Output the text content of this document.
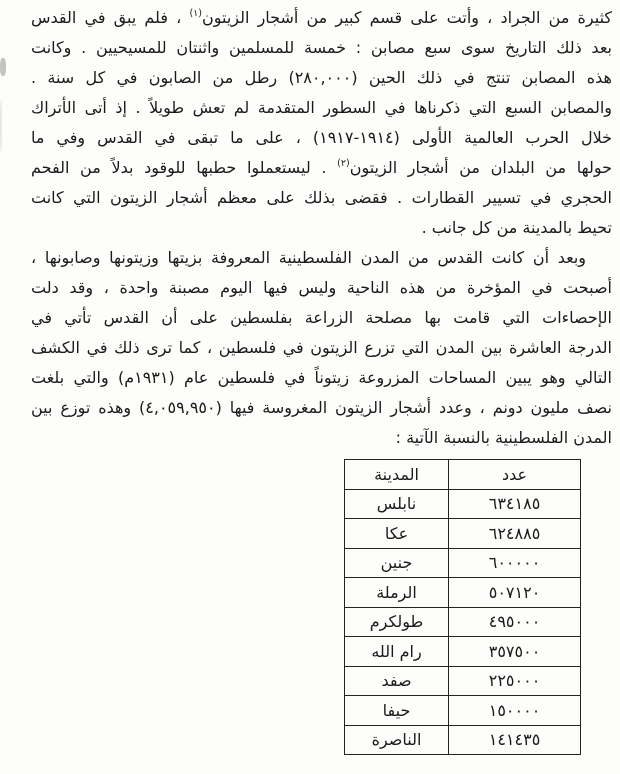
كثيرة من الجراد ، وأتت على قسم كبير من أشجار الزيتون$^{(١)}$ ، فلم يبق في القدس
بعد ذلك التاريخ سوى سبع مصابن : خمسة للمسلمين واثنتان للمسيحيين . وكانت
هذه المصابن تنتج في ذلك الحين (٢٨٠,٠٠٠) رطل من الصابون في كل سنة .
والمصابن السبع التي ذكرناها في السطور المتقدمة لم تعش طويلاً . إذ أتى الأتراك
خلال الحرب العالمية الأولى (١٩١٤-١٩١٧) ، على ما تبقى في القدس وفي ما
حولها من البلدان من أشجار الزيتون$^{(٢)}$ . ليستعملوا حطبها للوقود بدلاً من الفحم
الحجري في تسيير القطارات . فقضى بذلك على معظم أشجار الزيتون التي كانت
تحيط بالمدينة من كل جانب .
وبعد أن كانت القدس من المدن الفلسطينية المعروفة بزيتها وزيتونها وصابونها ،
أصبحت في المؤخرة من هذه الناحية وليس فيها اليوم مصبنة واحدة ، وقد دلت
الإحصاءات التي قامت بها مصلحة الزراعة بفلسطين على أن القدس تأتي في
الدرجة العاشرة بين المدن التي تزرع الزيتون في فلسطين ، كما ترى ذلك في الكشف
التالي وهو يبين المساحات المزروعة زيتوناً في فلسطين عام (١٩٣١م) والتي بلغت
نصف مليون دونم ، وعدد أشجار الزيتون المغروسة فيها (٤,٠٥٩,٩٥٠) وهذه توزع بين
المدن الفلسطينية بالنسبة الآتية :
عدد	المدينة
٦٣٤١٨٥	نابلس
٦٢٤٨٨٥	عكا
٦٠٠٠٠٠	جنين
٥٠٧١٢٠	الرملة
٤٩٥٠٠٠	طولكرم
٣٥٧٥٠٠	رام الله
٢٢٥٠٠٠	صفد
١٥٠٠٠٠	حيفا
١٤١٤٣٥	الناصرة
